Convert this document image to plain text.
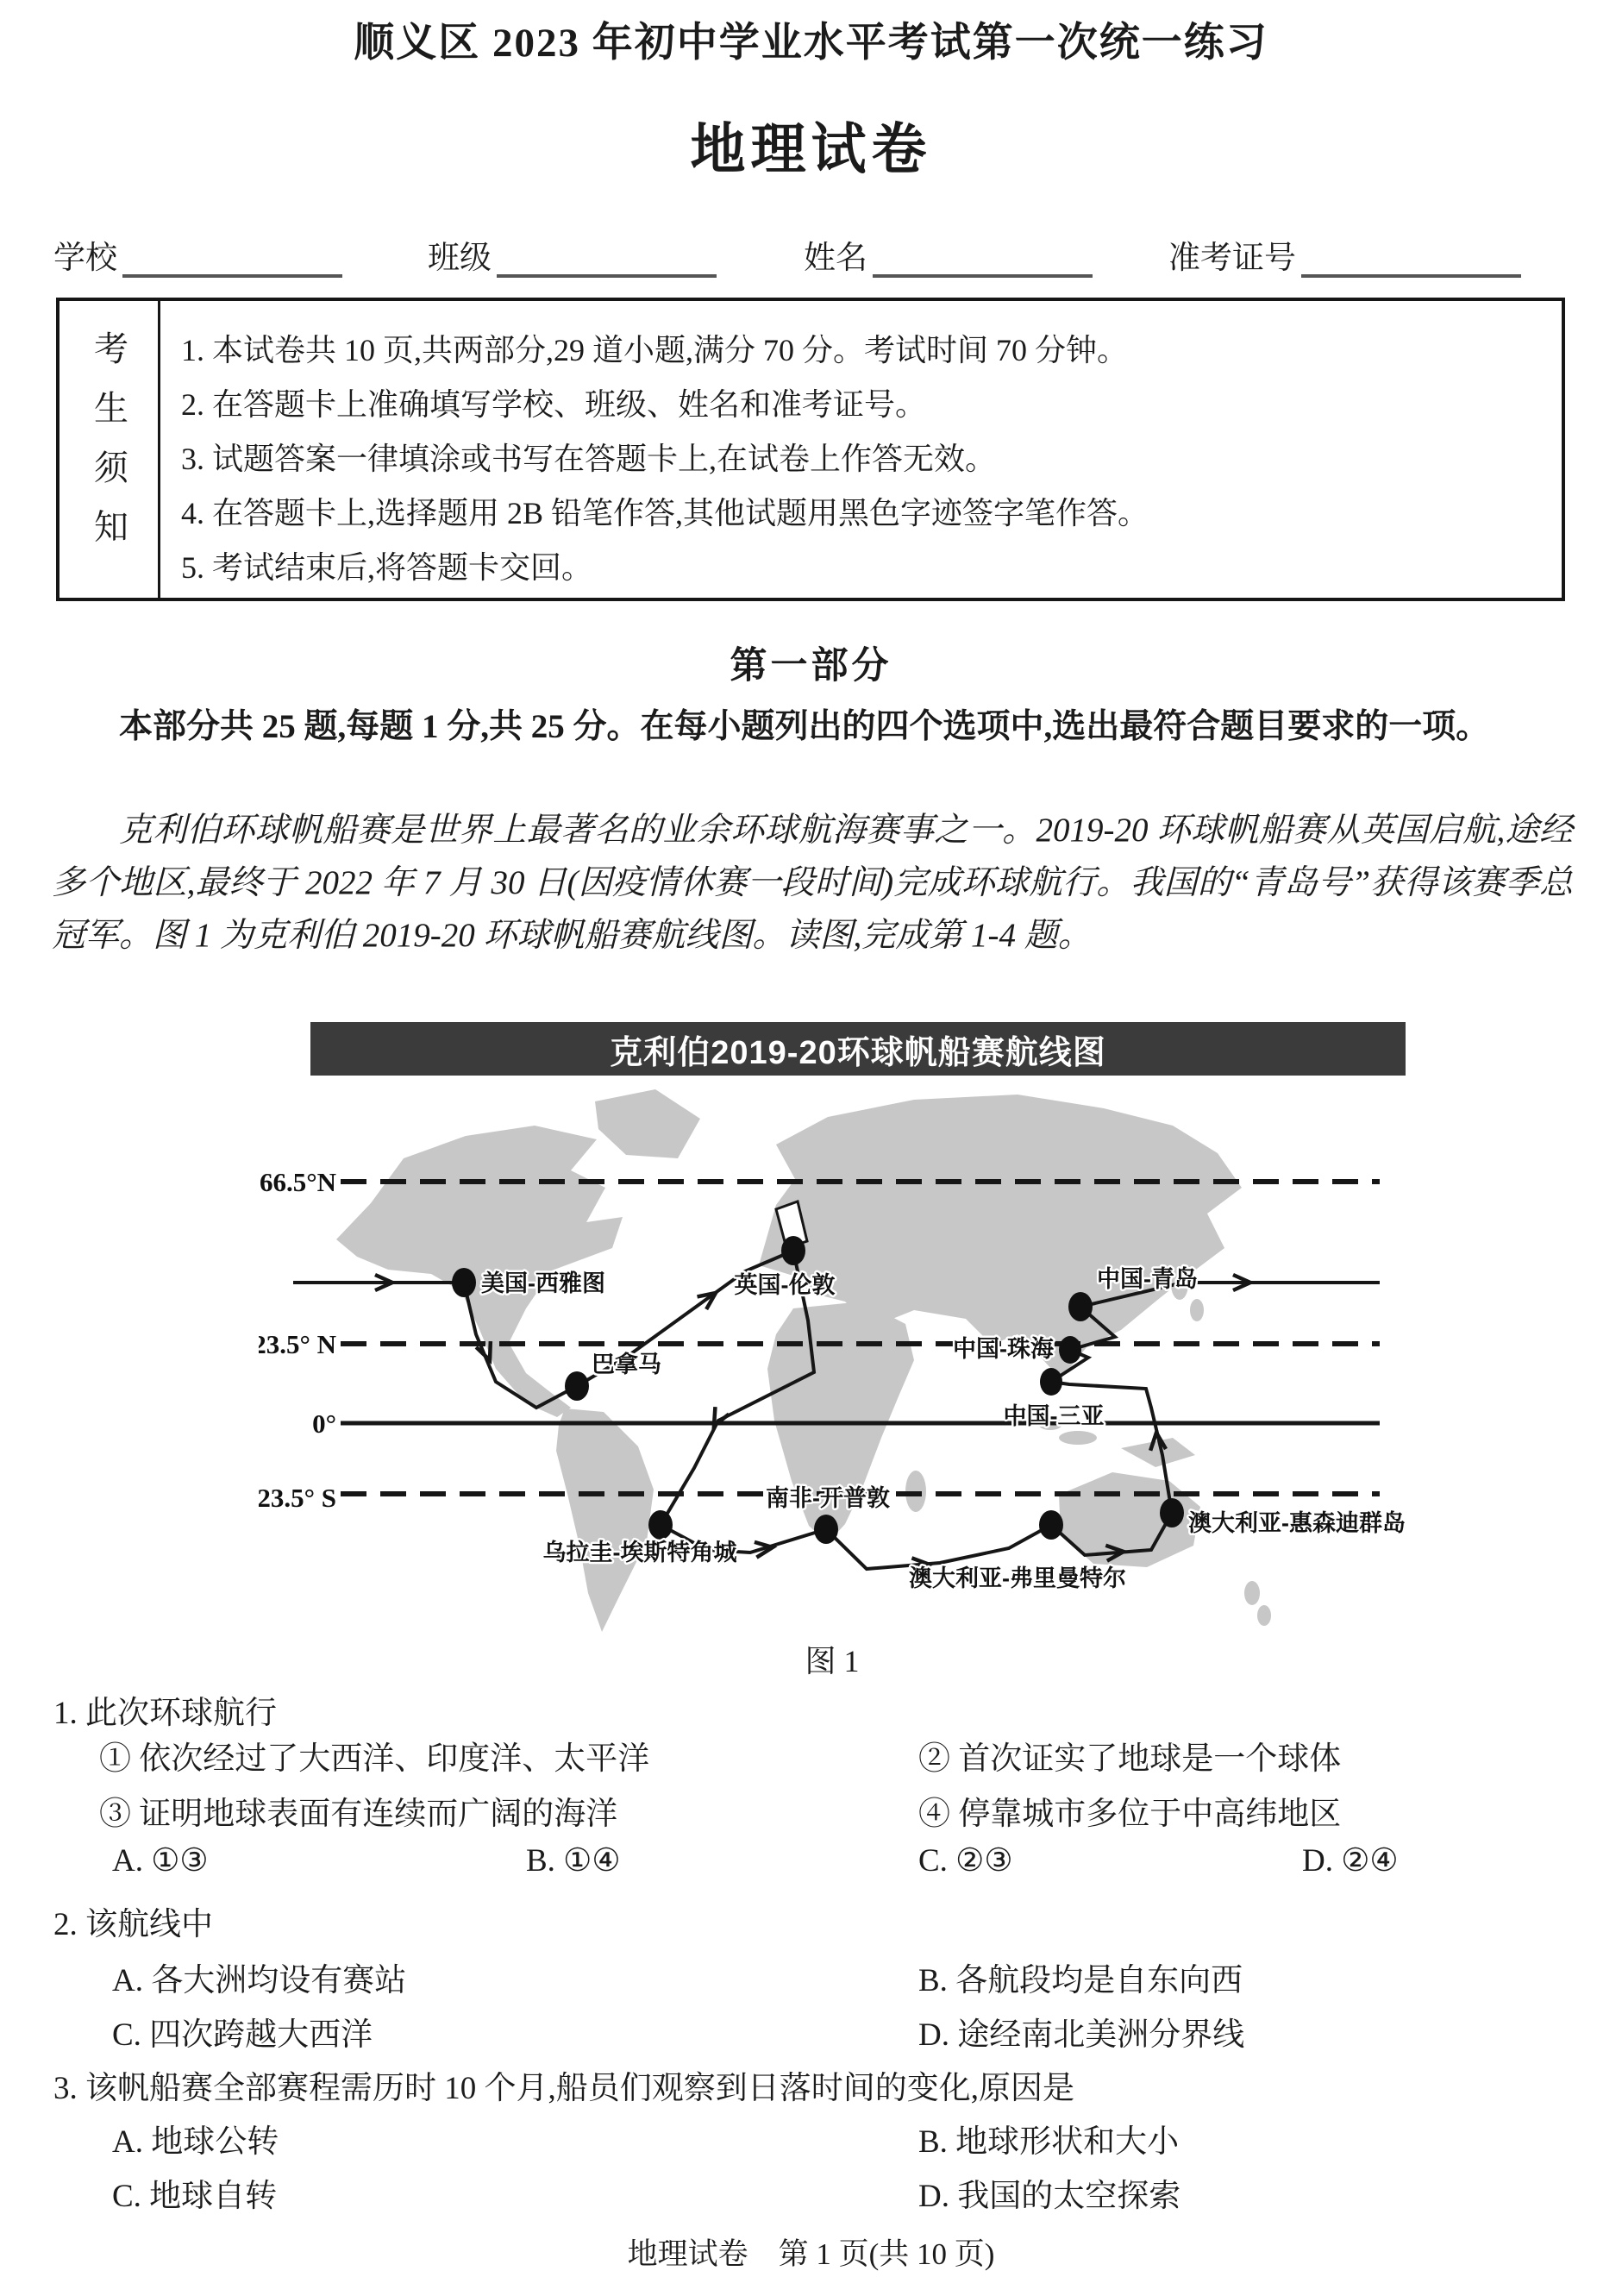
顺义区 2023 年初中学业水平考试第一次统一练习
地理试卷
学校	班级	姓名	准考证号
考生须知 1. 本试卷共 10 页,共两部分,29 道小题,满分 70 分。考试时间 70 分钟。
2. 在答题卡上准确填写学校、班级、姓名和准考证号。
3. 试题答案一律填涂或书写在答题卡上,在试卷上作答无效。
4. 在答题卡上,选择题用 2B 铅笔作答,其他试题用黑色字迹签字笔作答。
5. 考试结束后,将答题卡交回。
第一部分
本部分共 25 题,每题 1 分,共 25 分。在每小题列出的四个选项中,选出最符合题目要求的一项。
克利伯环球帆船赛是世界上最著名的业余环球航海赛事之一。2019-20 环球帆船赛从英国启航,途经多个地区,最终于 2022 年 7 月 30 日(因疫情休赛一段时间)完成环球航行。我国的“青岛号”获得该赛季总冠军。图 1 为克利伯 2019-20 环球帆船赛航线图。读图,完成第 1-4 题。
克利伯2019-20环球帆船赛航线图
66.5°N
23.5° N
0°
23.5° S
美国-西雅图	英国-伦敦	中国-青岛
中国-珠海
巴拿马
中国-三亚
南非-开普敦
乌拉圭-埃斯特角城
澳大利亚-弗里曼特尔
澳大利亚-惠森迪群岛
图 1
1. 此次环球航行
① 依次经过了大西洋、印度洋、太平洋	② 首次证实了地球是一个球体
③ 证明地球表面有连续而广阔的海洋	④ 停靠城市多位于中高纬地区
A. ①③	B. ①④	C. ②③	D. ②④
2. 该航线中
A. 各大洲均设有赛站	B. 各航段均是自东向西
C. 四次跨越大西洋	D. 途经南北美洲分界线
3. 该帆船赛全部赛程需历时 10 个月,船员们观察到日落时间的变化,原因是
A. 地球公转	B. 地球形状和大小
C. 地球自转	D. 我国的太空探索
地理试卷　第 1 页(共 10 页)
